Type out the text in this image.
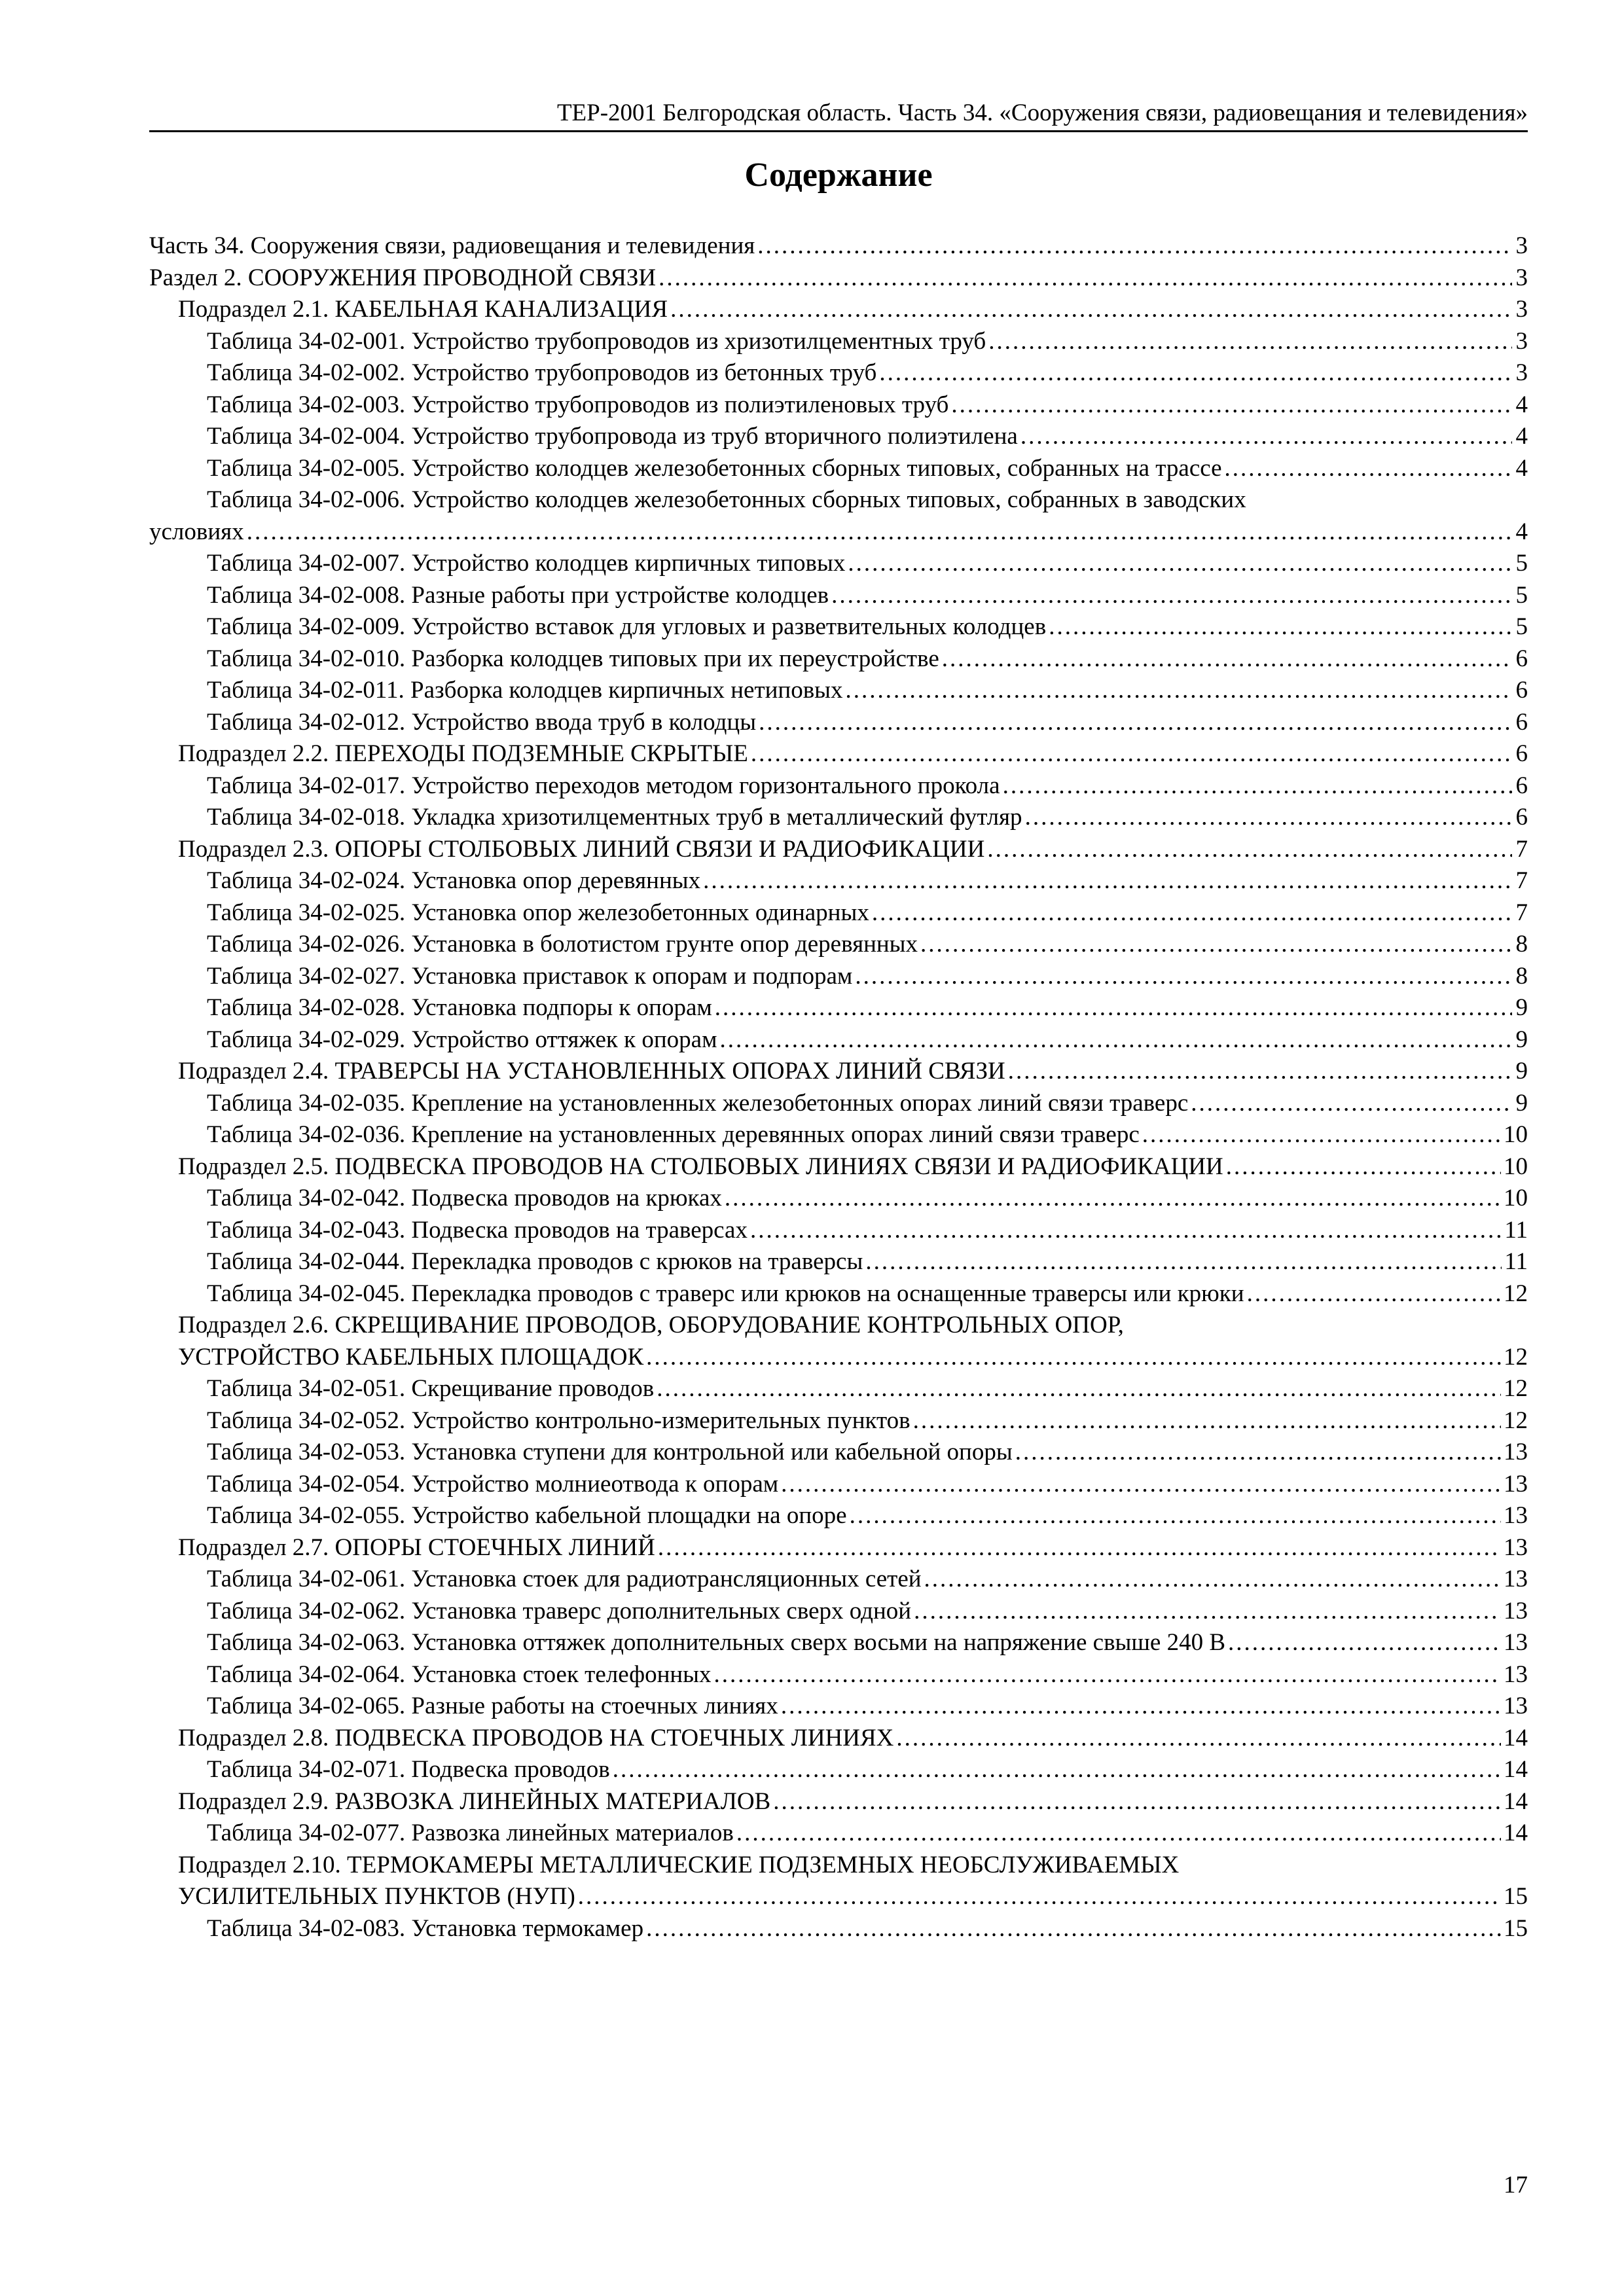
ТЕР-2001 Белгородская область. Часть 34. «Сооружения связи, радиовещания и телевидения»
Содержание
Часть 34. Сооружения связи, радиовещания и телевидения .....	3
Раздел 2. СООРУЖЕНИЯ ПРОВОДНОЙ СВЯЗИ .....	3
Подраздел 2.1. КАБЕЛЬНАЯ КАНАЛИЗАЦИЯ .....	3
Таблица 34-02-001. Устройство трубопроводов из хризотилцементных труб .....	3
Таблица 34-02-002. Устройство трубопроводов из бетонных труб .....	3
Таблица 34-02-003. Устройство трубопроводов из полиэтиленовых труб .....	4
Таблица 34-02-004. Устройство трубопровода из труб вторичного полиэтилена .....	4
Таблица 34-02-005. Устройство колодцев железобетонных сборных типовых, собранных на трассе .....	4
Таблица 34-02-006. Устройство колодцев железобетонных сборных типовых, собранных в заводских
условиях .....	4
Таблица 34-02-007. Устройство колодцев кирпичных типовых .....	5
Таблица 34-02-008. Разные работы при устройстве колодцев .....	5
Таблица 34-02-009. Устройство вставок для угловых и разветвительных колодцев .....	5
Таблица 34-02-010. Разборка колодцев типовых при их переустройстве .....	6
Таблица 34-02-011. Разборка колодцев кирпичных нетиповых .....	6
Таблица 34-02-012. Устройство ввода труб в колодцы .....	6
Подраздел 2.2. ПЕРЕХОДЫ ПОДЗЕМНЫЕ СКРЫТЫЕ .....	6
Таблица 34-02-017. Устройство переходов методом горизонтального прокола .....	6
Таблица 34-02-018. Укладка хризотилцементных труб в металлический футляр .....	6
Подраздел 2.3. ОПОРЫ СТОЛБОВЫХ ЛИНИЙ СВЯЗИ И РАДИОФИКАЦИИ .....	7
Таблица 34-02-024. Установка опор деревянных .....	7
Таблица 34-02-025. Установка опор железобетонных одинарных .....	7
Таблица 34-02-026. Установка в болотистом грунте опор деревянных .....	8
Таблица 34-02-027. Установка приставок к опорам и подпорам .....	8
Таблица 34-02-028. Установка подпоры к опорам .....	9
Таблица 34-02-029. Устройство оттяжек к опорам .....	9
Подраздел 2.4. ТРАВЕРСЫ НА УСТАНОВЛЕННЫХ ОПОРАХ ЛИНИЙ СВЯЗИ .....	9
Таблица 34-02-035. Крепление на установленных железобетонных опорах линий связи траверс .....	9
Таблица 34-02-036. Крепление на установленных деревянных опорах линий связи траверс .....	10
Подраздел 2.5. ПОДВЕСКА ПРОВОДОВ НА СТОЛБОВЫХ ЛИНИЯХ СВЯЗИ И РАДИОФИКАЦИИ .....	10
Таблица 34-02-042. Подвеска проводов на крюках .....	10
Таблица 34-02-043. Подвеска проводов на траверсах .....	11
Таблица 34-02-044. Перекладка проводов с крюков на траверсы .....	11
Таблица 34-02-045. Перекладка проводов с траверс или крюков на оснащенные траверсы или крюки .....	12
Подраздел 2.6. СКРЕЩИВАНИЕ ПРОВОДОВ, ОБОРУДОВАНИЕ КОНТРОЛЬНЫХ ОПОР,
УСТРОЙСТВО КАБЕЛЬНЫХ ПЛОЩАДОК .....	12
Таблица 34-02-051. Скрещивание проводов .....	12
Таблица 34-02-052. Устройство контрольно-измерительных пунктов .....	12
Таблица 34-02-053. Установка ступени для контрольной или кабельной опоры .....	13
Таблица 34-02-054. Устройство молниеотвода к опорам .....	13
Таблица 34-02-055. Устройство кабельной площадки на опоре .....	13
Подраздел 2.7. ОПОРЫ СТОЕЧНЫХ ЛИНИЙ .....	13
Таблица 34-02-061. Установка стоек для радиотрансляционных сетей .....	13
Таблица 34-02-062. Установка траверс дополнительных сверх одной .....	13
Таблица 34-02-063. Установка оттяжек дополнительных сверх восьми на напряжение свыше 240 В .....	13
Таблица 34-02-064. Установка стоек телефонных .....	13
Таблица 34-02-065. Разные работы на стоечных линиях .....	13
Подраздел 2.8. ПОДВЕСКА ПРОВОДОВ НА СТОЕЧНЫХ ЛИНИЯХ .....	14
Таблица 34-02-071. Подвеска проводов .....	14
Подраздел 2.9. РАЗВОЗКА ЛИНЕЙНЫХ МАТЕРИАЛОВ .....	14
Таблица 34-02-077. Развозка линейных материалов .....	14
Подраздел 2.10. ТЕРМОКАМЕРЫ МЕТАЛЛИЧЕСКИЕ ПОДЗЕМНЫХ НЕОБСЛУЖИВАЕМЫХ
УСИЛИТЕЛЬНЫХ ПУНКТОВ (НУП) .....	15
Таблица 34-02-083. Установка термокамер .....	15
17
